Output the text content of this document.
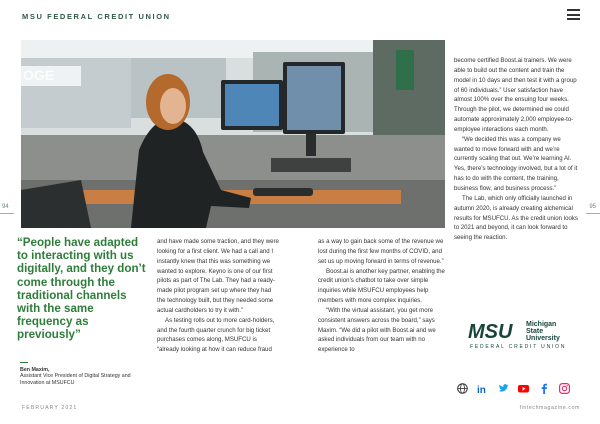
MSU FEDERAL CREDIT UNION
OGE
94	95
“People have adapted to interacting with us digitally, and they don’t come through the traditional channels with the same frequency as previously”
Ben Maxim,
Assistant Vice President of Digital Strategy and Innovation at MSUFCU

and have made some traction, and they were looking for a first client. We had a call and I instantly knew that this was something we wanted to explore. Keyno is one of our first pilots as part of The Lab. They had a ready-made pilot program set up where they had the technology built, but they needed some actual cardholders to try it with.”

As testing rolls out to more card-holders, and the fourth quarter crunch for big ticket purchases comes along, MSUFCU is “already looking at how it can reduce fraud

as a way to gain back some of the revenue we lost during the first few months of COVID, and set us up moving forward in terms of revenue.”

Boost.ai is another key partner, enabling the credit union’s chatbot to take over simple inquiries while MSUFCU employees help members with more complex inquiries.

“With the virtual assistant, you get more consistent answers across the board,” says Maxim. “We did a pilot with Boost.ai and we asked individuals from our team with no experience to

become certified Boost.ai trainers. We were able to build out the content and train the model in 10 days and then test it with a group of 60 individuals.” User satisfaction have almost 100% over the ensuing four weeks. Through the pilot, we determined we could automate approximately 2,000 employee-to-employee interactions each month.

“We decided this was a company we wanted to move forward with and we’re currently scaling that out. We’re learning AI. Yes, there’s technology involved, but a lot of it has to do with the content, the training, business flow, and business process.”

The Lab, which only officially launched in autumn 2020, is already creating alchemical results for MSUFCU. As the credit union looks to 2021 and beyond, it can look forward to seeing the reaction.

MSU Michigan
State
University
FEDERAL CREDIT UNION

in

FEBRUARY 2021	fintechmagazine.com
